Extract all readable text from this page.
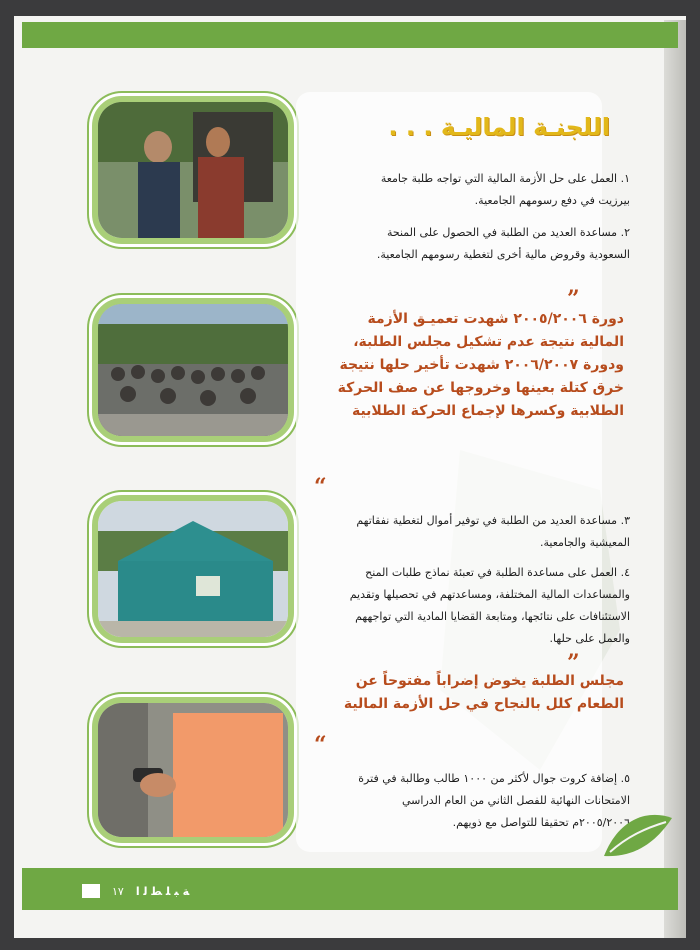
اللجنـة الماليـة . . .
١. العمل على حل الأزمة المالية التي تواجه طلبة جامعة بيرزيت في دفع رسومهم الجامعية.
٢. مساعدة العديد من الطلبة في الحصول على المنحة السعودية وقروض مالية أخرى لتغطية رسومهم الجامعية.
”
دورة ٢٠٠٥/٢٠٠٦ شهدت تعميـق الأزمة المالية نتيجة عدم تشكيل مجلس الطلبة، ودورة ٢٠٠٦/٢٠٠٧ شهدت تأخير حلها نتيجة خرق كتلة بعينها وخروجها عن صف الحركة الطلابية وكسرها لإجماع الحركة الطلابية
“
٣. مساعدة العديد من الطلبة في توفير أموال لتغطية نفقاتهم المعيشية والجامعية.
٤. العمل على مساعدة الطلبة في تعبئة نماذج طلبات المنح والمساعدات المالية المختلفة، ومساعدتهم في تحصيلها وتقديم الاستئنافات على نتائجها، ومتابعة القضايا المادية التي تواجههم والعمل على حلها.
”
مجلس الطلبة يخوض إضراباً مفتوحاً عن الطعام كلل بالنجاح في حل الأزمة المالية
“
٥. إضافة كروت جوال لأكثر من ١٠٠٠ طالب وطالبة في فترة الامتحانات النهائية للفصل الثاني من العام الدراسي ٢٠٠٥/٢٠٠٦م تحقيقا للتواصل مع ذويهم.
١٧ ﺔ ﺒ ﻠ ﻄ ﻟ ﺍ
